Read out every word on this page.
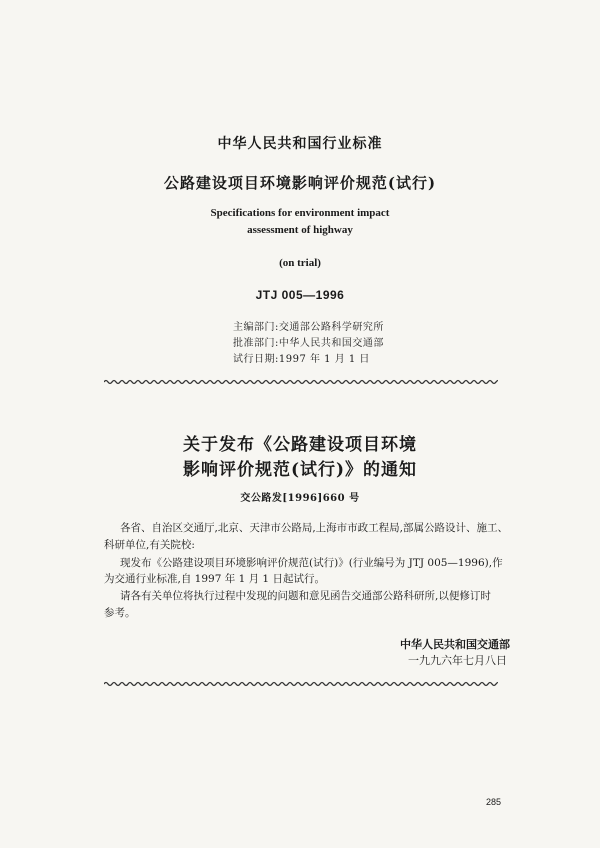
中华人民共和国行业标准
公路建设项目环境影响评价规范(试行)
Specifications for environment impact
assessment of highway
(on trial)
JTJ 005—1996
主编部门:交通部公路科学研究所
批准部门:中华人民共和国交通部
试行日期:1997 年 1 月 1 日
关于发布《公路建设项目环境
影响评价规范(试行)》的通知
交公路发[1996]660 号
各省、自治区交通厅,北京、天津市公路局,上海市市政工程局,部属公路设计、施工、
科研单位,有关院校:
现发布《公路建设项目环境影响评价规范(试行)》(行业编号为 JTJ 005—1996),作
为交通行业标准,自 1997 年 1 月 1 日起试行。
请各有关单位将执行过程中发现的问题和意见函告交通部公路科研所,以便修订时
参考。
中华人民共和国交通部
一九九六年七月八日
285
